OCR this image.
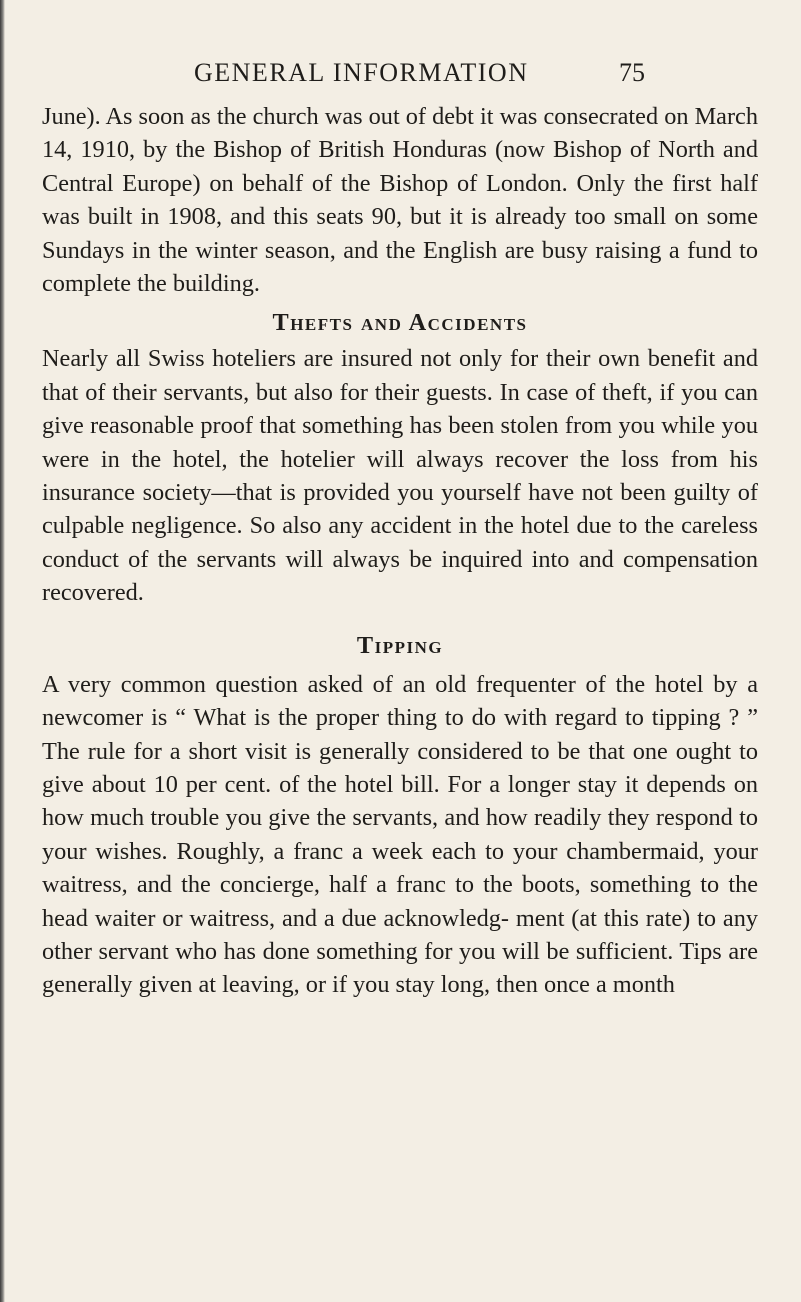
GENERAL INFORMATION	75

June). As soon as the church was out of debt it was consecrated on March 14, 1910, by the Bishop of British Honduras (now Bishop of North and Central Europe) on behalf of the Bishop of London. Only the first half was built in 1908, and this seats 90, but it is already too small on some Sundays in the winter season, and the English are busy raising a fund to complete the building.

Thefts and Accidents

Nearly all Swiss hoteliers are insured not only for their own benefit and that of their servants, but also for their guests. In case of theft, if you can give reasonable proof that something has been stolen from you while you were in the hotel, the hotelier will always recover the loss from his insurance society—that is provided you yourself have not been guilty of culpable negligence. So also any accident in the hotel due to the careless conduct of the servants will always be inquired into and compensation recovered.

Tipping

A very common question asked of an old frequenter of the hotel by a newcomer is “ What is the proper thing to do with regard to tipping ? ” The rule for a short visit is generally considered to be that one ought to give about 10 per cent. of the hotel bill. For a longer stay it depends on how much trouble you give the servants, and how readily they respond to your wishes. Roughly, a franc a week each to your chambermaid, your waitress, and the concierge, half a franc to the boots, something to the head waiter or waitress, and a due acknowledg- ment (at this rate) to any other servant who has done something for you will be sufficient. Tips are generally given at leaving, or if you stay long, then once a month
